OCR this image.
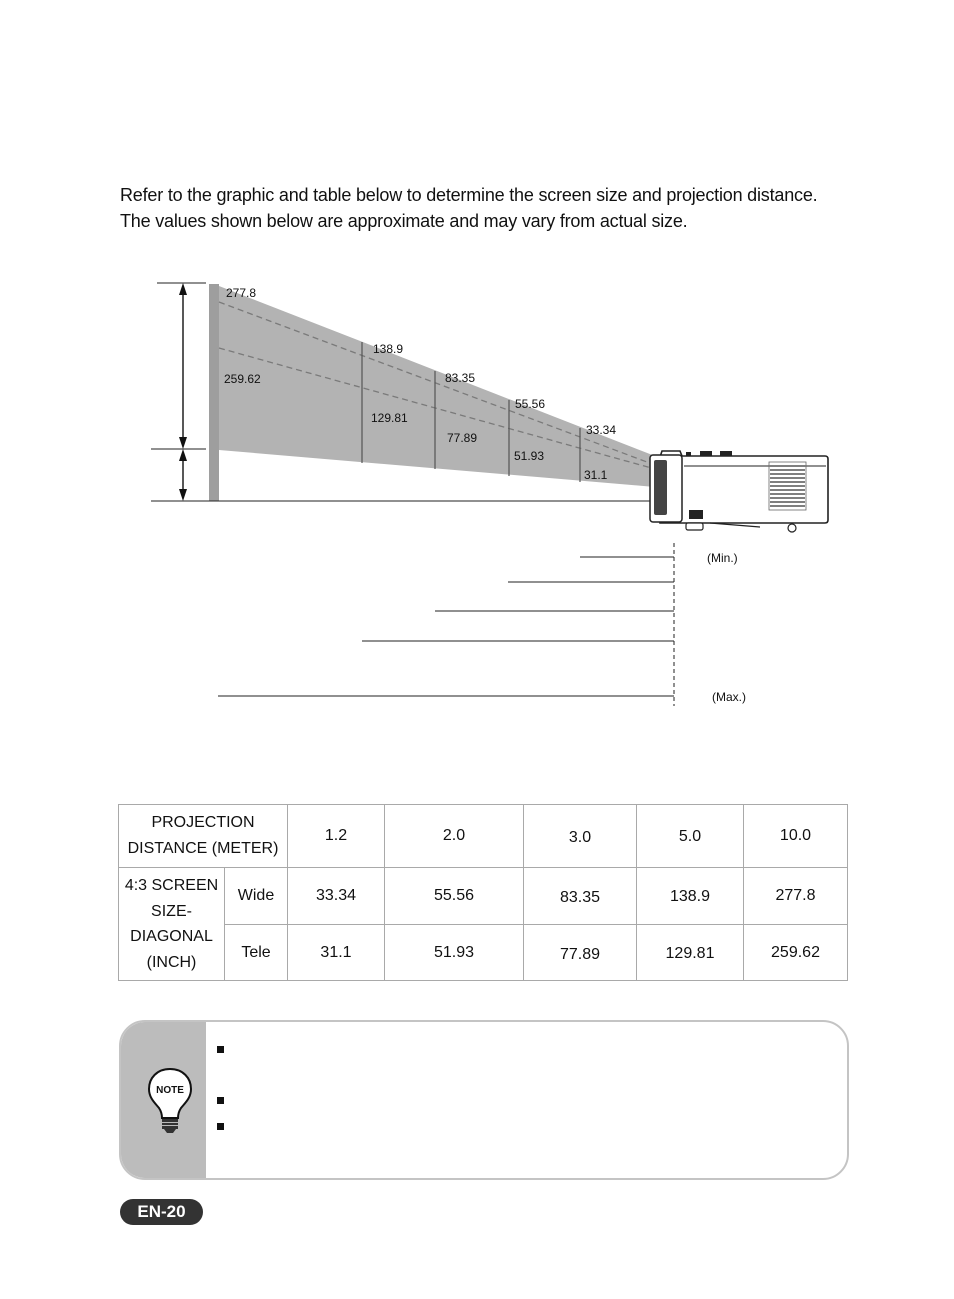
Refer to the graphic and table below to determine the screen size and projection distance.

The values shown below are approximate and may vary from actual size.

277.8
138.9
83.35
55.56
33.34
259.62
129.81
77.89
51.93
31.1
(Min.)
(Max.)
PROJECTION
DISTANCE (METER)		1.2	2.0	3.0	5.0	10.0

4:3 SCREEN
SIZE-
DIAGONAL
(INCH)	Wide	33.34	55.56	83.35	138.9	277.8
	Tele	31.1	51.93	77.89	129.81	259.62
NOTE
EN-20
